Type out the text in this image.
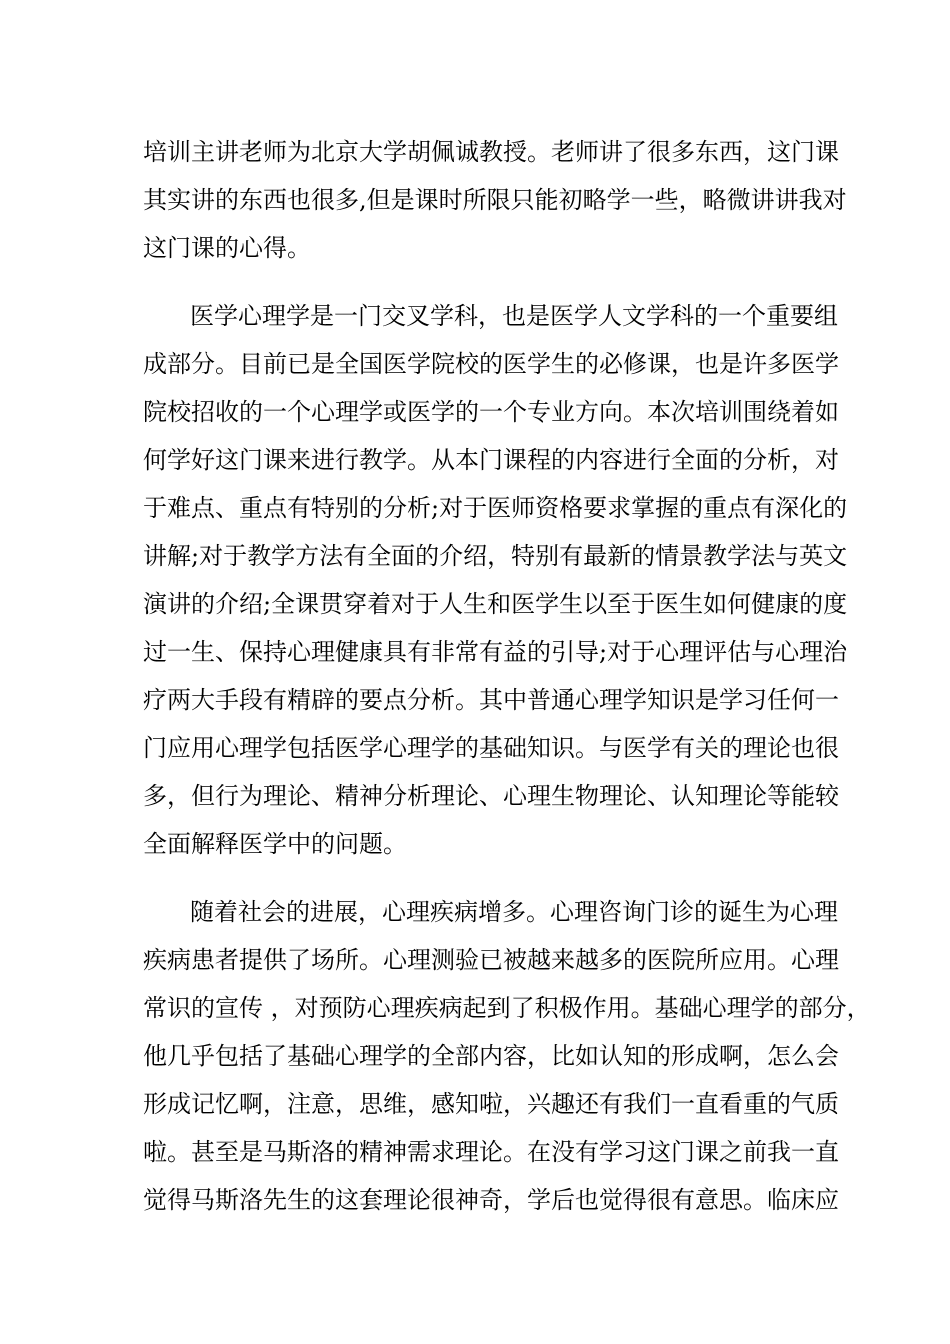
培训主讲老师为北京大学胡佩诚教授。老师讲了很多东西，这门课
其实讲的东西也很多,但是课时所限只能初略学一些，略微讲讲我对
这门课的心得。
医学心理学是一门交叉学科，也是医学人文学科的一个重要组
成部分。目前已是全国医学院校的医学生的必修课，也是许多医学
院校招收的一个心理学或医学的一个专业方向。本次培训围绕着如
何学好这门课来进行教学。从本门课程的内容进行全面的分析，对
于难点、重点有特别的分析;对于医师资格要求掌握的重点有深化的
讲解;对于教学方法有全面的介绍，特别有最新的情景教学法与英文
演讲的介绍;全课贯穿着对于人生和医学生以至于医生如何健康的度
过一生、保持心理健康具有非常有益的引导;对于心理评估与心理治
疗两大手段有精辟的要点分析。其中普通心理学知识是学习任何一
门应用心理学包括医学心理学的基础知识。与医学有关的理论也很
多，但行为理论、精神分析理论、心理生物理论、认知理论等能较
全面解释医学中的问题。
随着社会的进展，心理疾病增多。心理咨询门诊的诞生为心理
疾病患者提供了场所。心理测验已被越来越多的医院所应用。心理
常识的宣传 ，对预防心理疾病起到了积极作用。基础心理学的部分，
他几乎包括了基础心理学的全部内容，比如认知的形成啊，怎么会
形成记忆啊，注意，思维，感知啦，兴趣还有我们一直看重的气质
啦。甚至是马斯洛的精神需求理论。在没有学习这门课之前我一直
觉得马斯洛先生的这套理论很神奇，学后也觉得很有意思。临床应
